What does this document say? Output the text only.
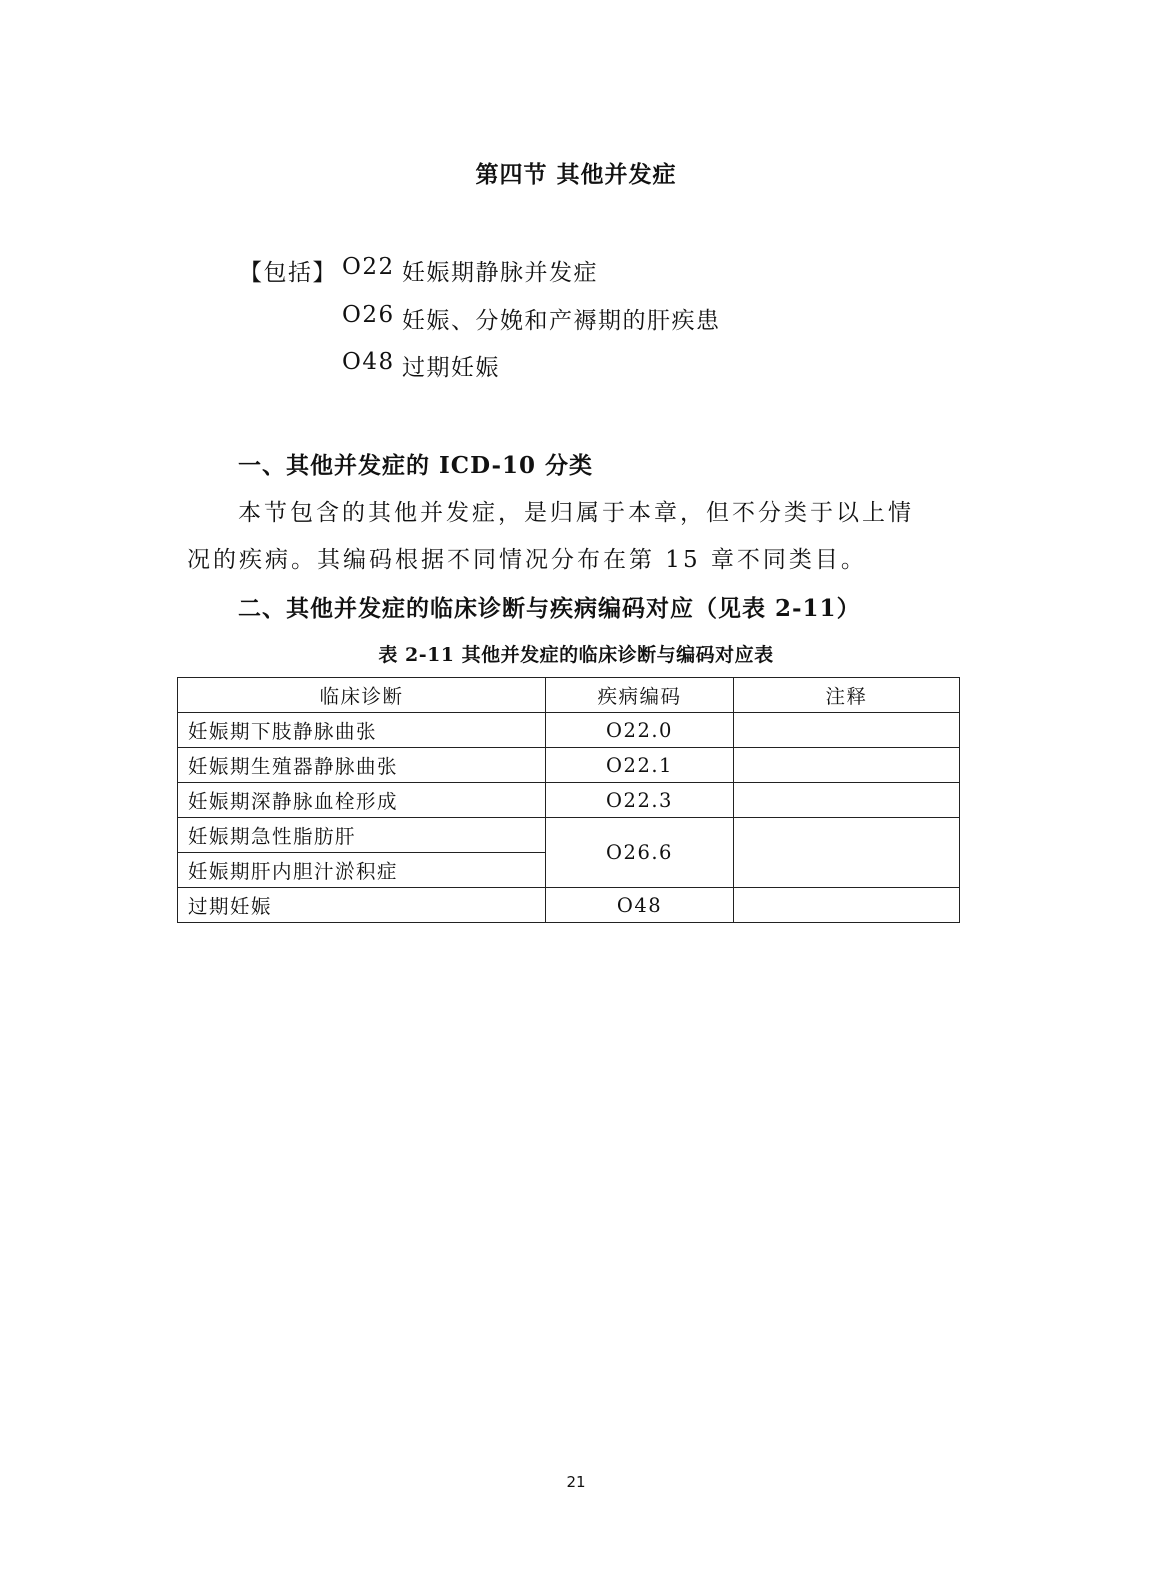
第四节 其他并发症
【包括】 O22 妊娠期静脉并发症
O26 妊娠、分娩和产褥期的肝疾患
O48 过期妊娠
一、其他并发症的 ICD-10 分类
本节包含的其他并发症，是归属于本章，但不分类于以上情
况的疾病。其编码根据不同情况分布在第 15 章不同类目。
二、其他并发症的临床诊断与疾病编码对应（见表 2-11）
表 2-11 其他并发症的临床诊断与编码对应表
临床诊断	疾病编码	注释
妊娠期下肢静脉曲张	O22.0	
妊娠期生殖器静脉曲张	O22.1	
妊娠期深静脉血栓形成	O22.3	
妊娠期急性脂肪肝	O26.6	
妊娠期肝内胆汁淤积症		
过期妊娠	O48	
21
